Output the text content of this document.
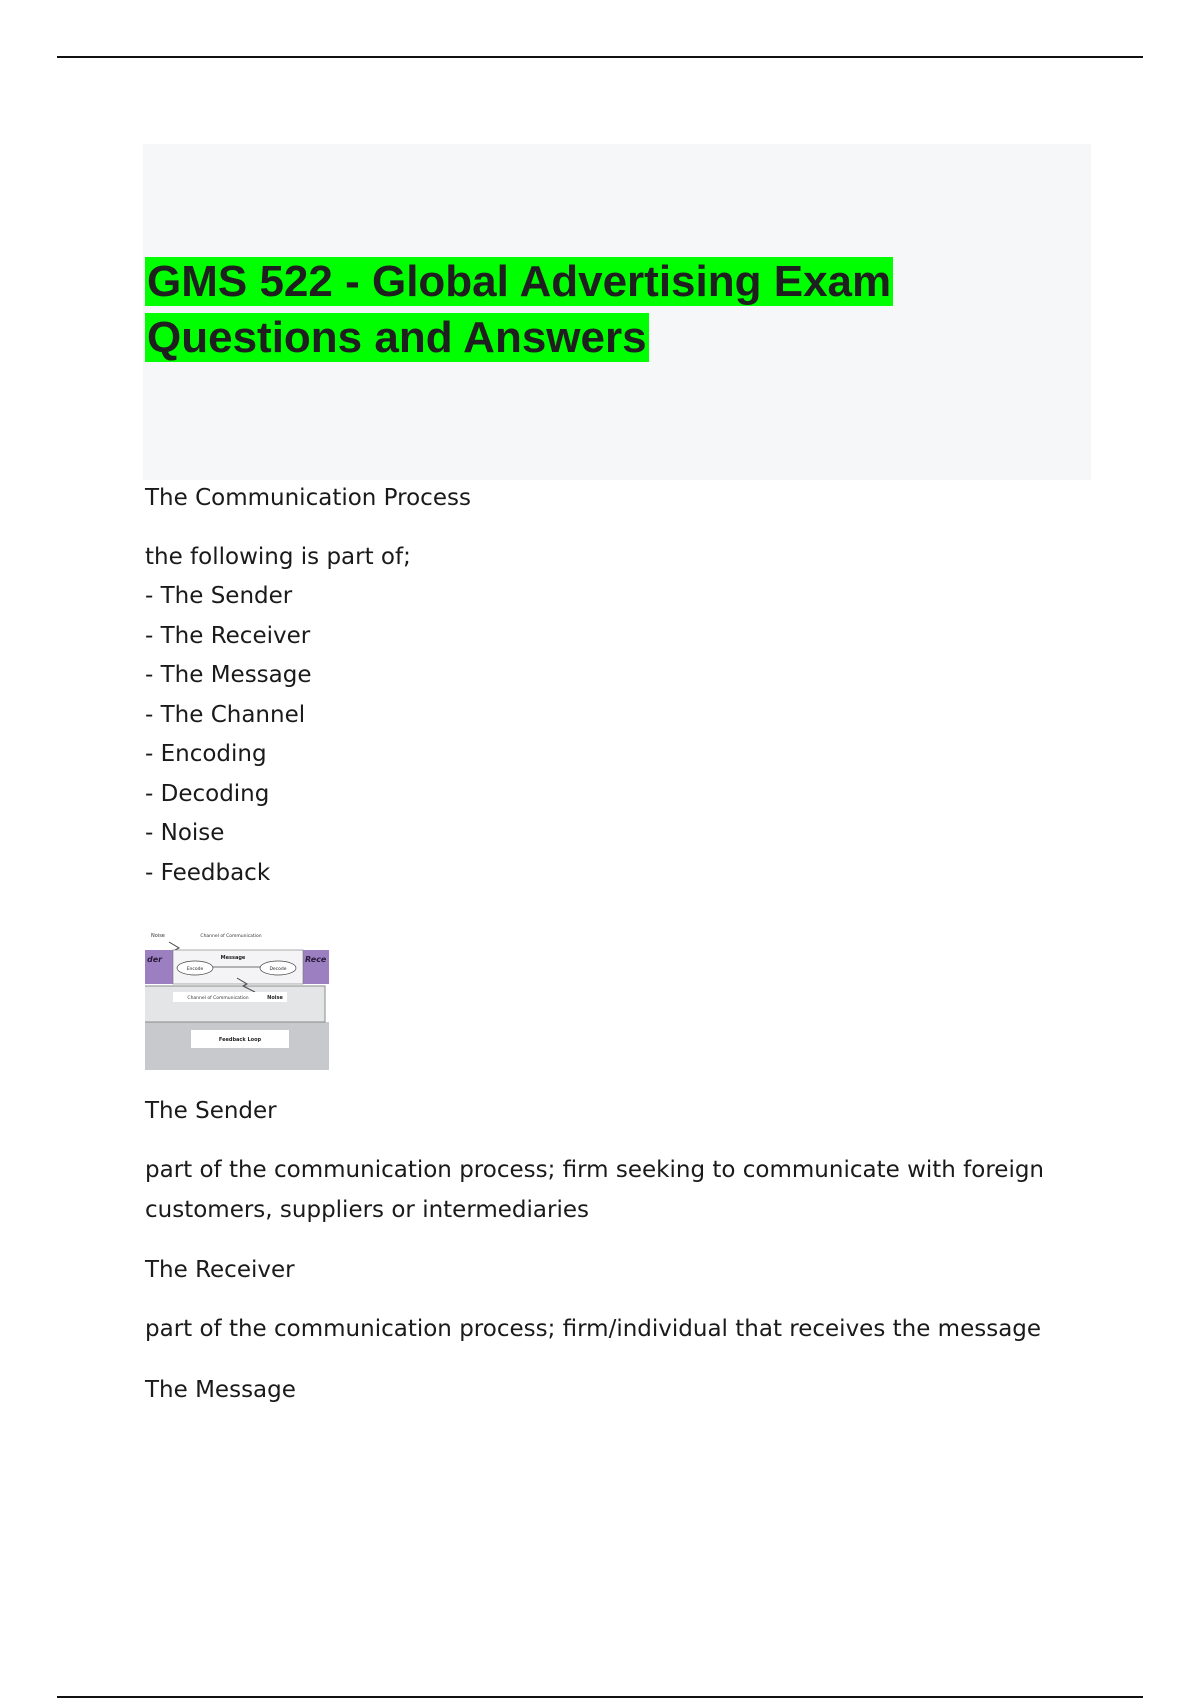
GMS 522 - Global Advertising Exam Questions and Answers

The Communication Process

the following is part of;

- The Sender
- The Receiver
- The Message
- The Channel
- Encoding
- Decoding
- Noise
- Feedback
Noise	Channel of Communication
der	Rece
Message
Encode	Decode
Channel of Communication	Noise
Feedback Loop

The Sender

part of the communication process; firm seeking to communicate with foreign customers, suppliers or intermediaries

The Receiver

part of the communication process; firm/individual that receives the message

The Message
